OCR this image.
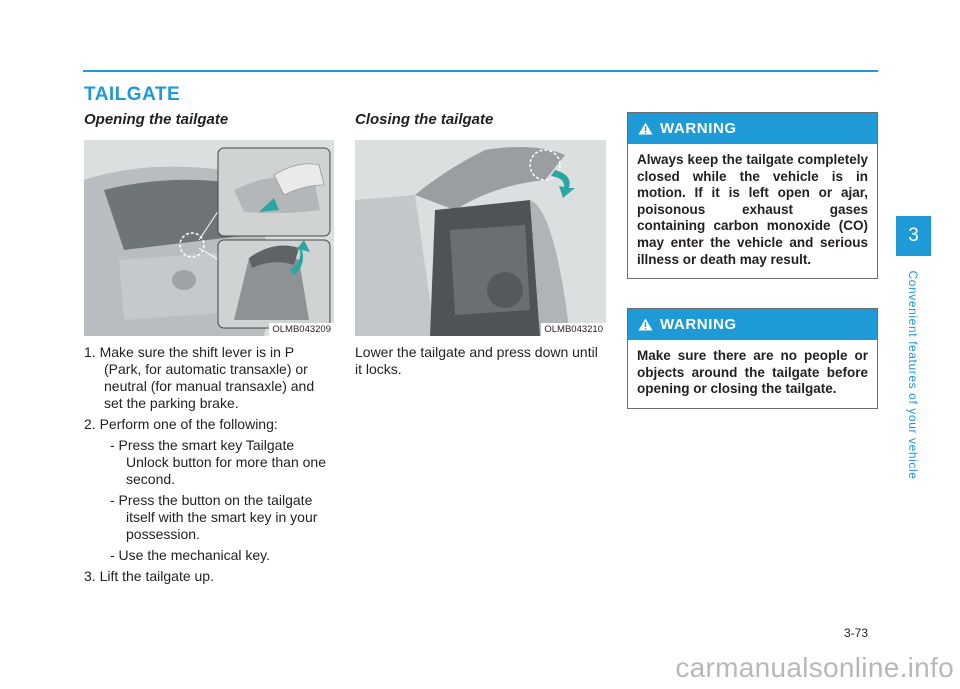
TAILGATE
Opening the tailgate
OLMB043209

1. Make sure the shift lever is in P (Park, for automatic transaxle) or neutral (for manual transaxle) and set the parking brake.

2. Perform one of the following:

- Press the smart key Tailgate Unlock button for more than one second.

- Press the button on the tailgate itself with the smart key in your possession.

- Use the mechanical key.

3. Lift the tailgate up.

Closing the tailgate
OLMB043210

Lower the tailgate and press down until it locks.

WARNING
Always keep the tailgate completely closed while the vehicle is in motion. If it is left open or ajar, poisonous exhaust gases containing carbon monoxide (CO) may enter the vehicle and serious illness or death may result.
WARNING
Make sure there are no people or objects around the tailgate before opening or closing the tailgate.
3
Convenient features of your vehicle
3-73
carmanualsonline.info
